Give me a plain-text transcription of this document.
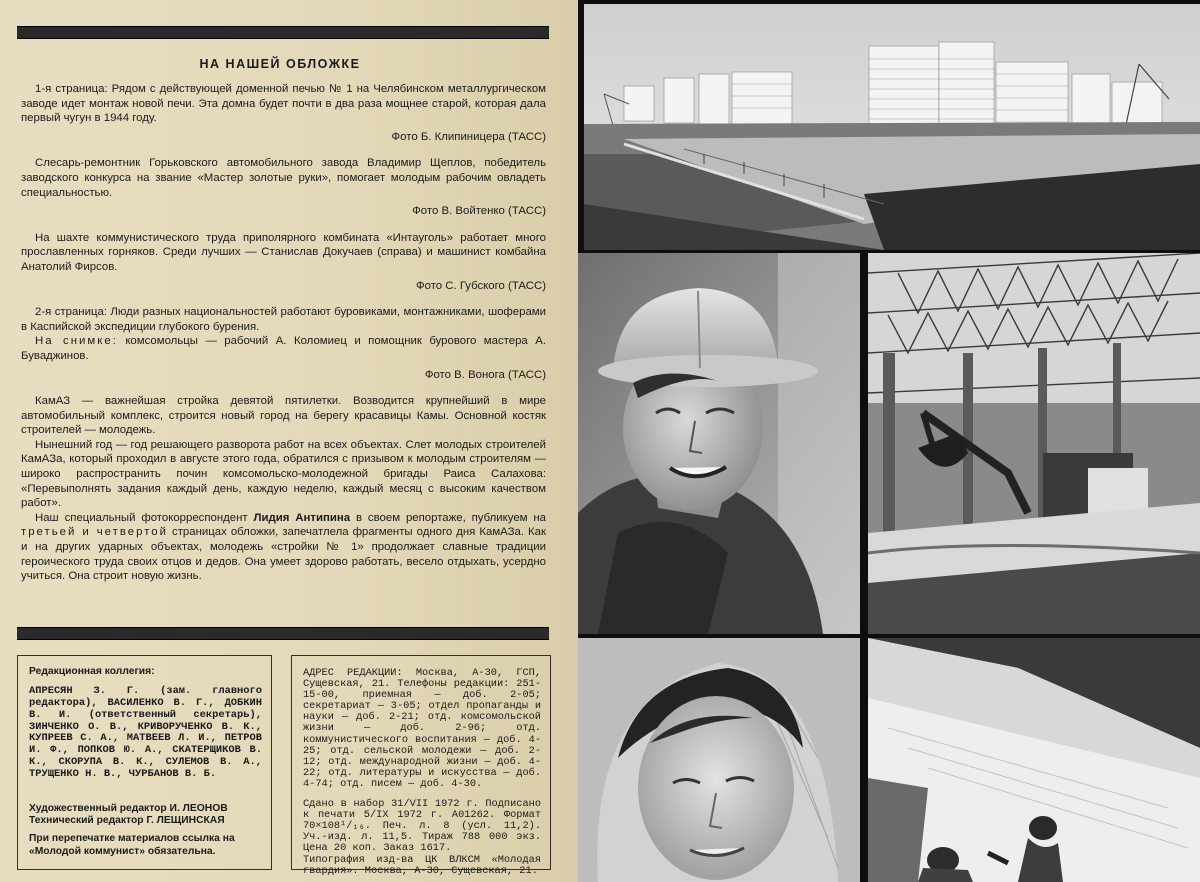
НА НАШЕЙ ОБЛОЖКЕ

1-я страница: Рядом с действующей доменной печью № 1 на Челябинском металлургическом заводе идет монтаж новой печи. Эта домна будет почти в два раза мощнее старой, которая дала первый чугун в 1944 году.

Фото Б. Клипиницера (ТАСС)

Слесарь-ремонтник Горьковского автомобильного завода Владимир Щеплов, победитель заводского конкурса на звание «Мастер золотые руки», помогает молодым рабочим овладеть специальностью.

Фото В. Войтенко (ТАСС)

На шахте коммунистического труда приполярного комбината «Интауголь» работает много прославленных горняков. Среди лучших — Станислав Докучаев (справа) и машинист комбайна Анатолий Фирсов.

Фото С. Губского (ТАСС)

2-я страница: Люди разных национальностей работают буровиками, монтажниками, шоферами в Каспийской экспедиции глубокого бурения.

На снимке: комсомольцы — рабочий А. Коломиец и помощник бурового мастера А. Буваджинов.

Фото В. Вонога (ТАСС)

КамАЗ — важнейшая стройка девятой пятилетки. Возводится крупнейший в мире автомобильный комплекс, строится новый город на берегу красавицы Камы. Основной костяк строителей — молодежь.

Нынешний год — год решающего разворота работ на всех объектах. Слет молодых строителей КамАЗа, который проходил в августе этого года, обратился с призывом к молодым строителям — широко распространить почин комсомольско-молодежной бригады Раиса Салахова: «Перевыполнять задания каждый день, каждую неделю, каждый месяц с высоким качеством работ».

Наш специальный фотокорреспондент Лидия Антипина в своем репортаже, публикуем на третьей и четвертой страницах обложки, запечатлела фрагменты одного дня КамАЗа. Как и на других ударных объектах, молодежь «стройки № 1» продолжает славные традиции героического труда своих отцов и дедов. Она умеет здорово работать, весело отдыхать, усердно учиться. Она строит новую жизнь.

Редакционная коллегия:
АПРЕСЯН З. Г. (зам. главного редактора), ВАСИЛЕНКО В. Г., ДОБКИН В. И. (ответственный секретарь), ЗИНЧЕНКО О. В., КРИВОРУЧЕНКО В. К., КУПРЕЕВ С. А., МАТВЕЕВ Л. И., ПЕТРОВ И. Ф., ПОПКОВ Ю. А., СКАТЕРЩИКОВ В. К., СКОРУПА В. К., СУЛЕМОВ В. А., ТРУЩЕНКО Н. В., ЧУРБАНОВ В. Б.
Художественный редактор И. ЛЕОНОВ
Технический редактор Г. ЛЕЩИНСКАЯ
При перепечатке материалов ссылка на «Молодой коммунист» обязательна.
АДРЕС РЕДАКЦИИ: Москва, А-30, ГСП, Сущевская, 21. Телефоны редакции: 251-15-00, приемная — доб. 2-05; секретариат — 3-05; отдел пропаганды и науки — доб. 2-21; отд. комсомольской жизни — доб. 2-96; отд. коммунистического воспитания — доб. 4-25; отд. сельской молодежи — доб. 2-12; отд. международной жизни — доб. 4-22; отд. литературы и искусства — доб. 4-74; отд. писем — доб. 4-30.
Сдано в набор 31/VII 1972 г. Подписано к печати 5/IX 1972 г. А01262. Формат 70×108¹/₁₆. Печ. л. 8 (усл. 11,2). Уч.-изд. л. 11,5. Тираж 788 000 экз. Цена 20 коп. Заказ 1617.
Типография изд-ва ЦК ВЛКСМ «Молодая гвардия». Москва, А-30, Сущевская, 21.
